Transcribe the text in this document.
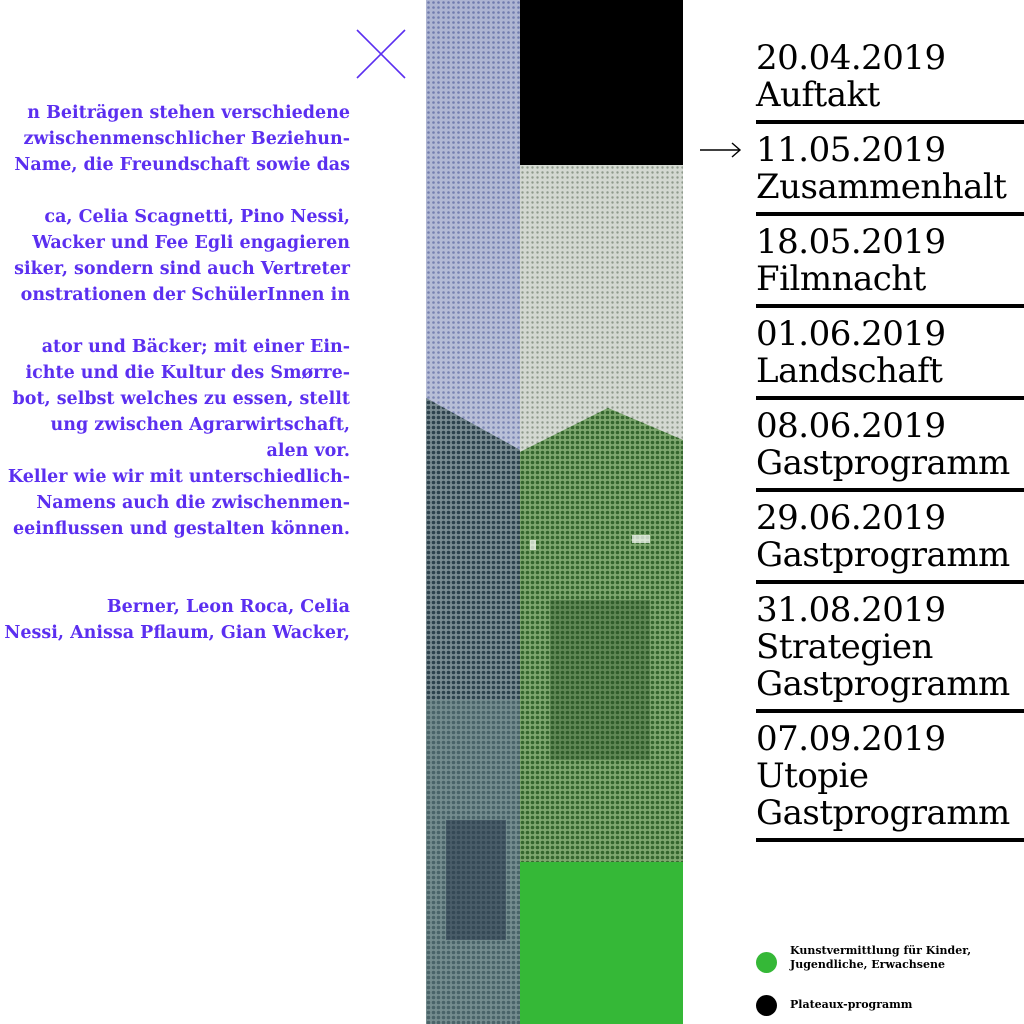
n Beiträgen stehen verschiedene
zwischenmenschlicher Beziehun-
Name, die Freundschaft sowie das

ca, Celia Scagnetti, Pino Nessi,
Wacker und Fee Egli engagieren
siker, sondern sind auch Vertreter
onstrationen der SchülerInnen in

ator und Bäcker; mit einer Ein-
ichte und die Kultur des Smørre-
bot, selbst welches zu essen, stellt
ung zwischen Agrarwirtschaft,
alen vor.
Keller wie wir mit unterschiedlich-
Namens auch die zwischenmen-
eeinflussen und gestalten können.

Berner, Leon Roca, Celia
Nessi, Anissa Pflaum, Gian Wacker,

20.04.2019
Auftakt
11.05.2019
Zusammenhalt
18.05.2019
Filmnacht
01.06.2019
Landschaft
08.06.2019
Gastprogramm
29.06.2019
Gastprogramm
31.08.2019
Strategien
Gastprogramm
07.09.2019
Utopie
Gastprogramm
Kunstvermittlung für Kinder, Jugendliche, Erwachsene
Plateaux-programm
